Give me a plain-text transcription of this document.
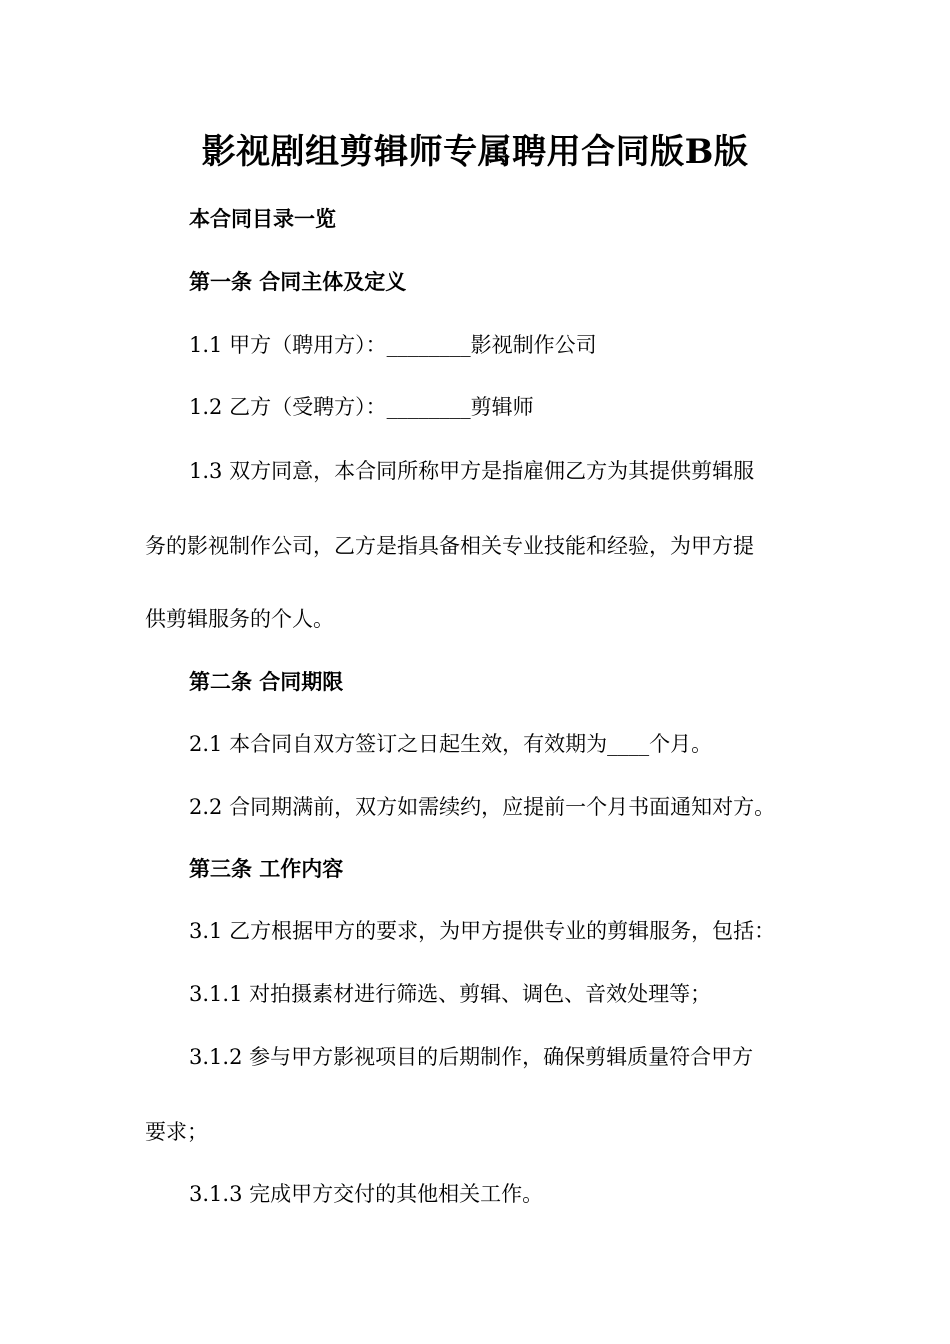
影视剧组剪辑师专属聘用合同版B版
本合同目录一览
第一条 合同主体及定义
1.1 甲方（聘用方）：________影视制作公司
1.2 乙方（受聘方）：________剪辑师
1.3 双方同意，本合同所称甲方是指雇佣乙方为其提供剪辑服
务的影视制作公司，乙方是指具备相关专业技能和经验，为甲方提
供剪辑服务的个人。
第二条 合同期限
2.1 本合同自双方签订之日起生效，有效期为____个月。
2.2 合同期满前，双方如需续约，应提前一个月书面通知对方。
第三条 工作内容
3.1 乙方根据甲方的要求，为甲方提供专业的剪辑服务，包括：
3.1.1 对拍摄素材进行筛选、剪辑、调色、音效处理等；
3.1.2 参与甲方影视项目的后期制作，确保剪辑质量符合甲方
要求；
3.1.3 完成甲方交付的其他相关工作。
